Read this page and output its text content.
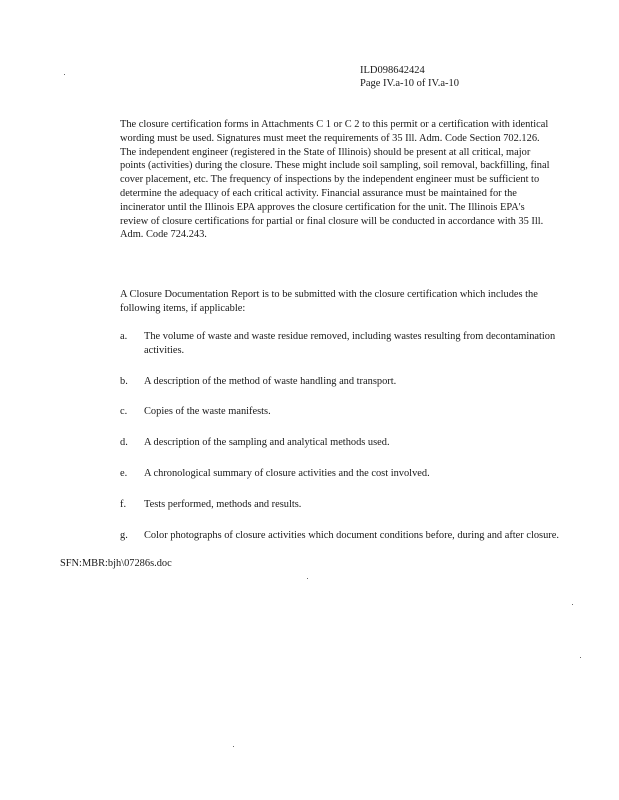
ILD098642424
Page IV.a-10 of IV.a-10

The closure certification forms in Attachments C 1 or C 2 to this permit or a certification with identical wording must be used. Signatures must meet the requirements of 35 Ill. Adm. Code Section 702.126. The independent engineer (registered in the State of Illinois) should be present at all critical, major points (activities) during the closure. These might include soil sampling, soil removal, backfilling, final cover placement, etc. The frequency of inspections by the independent engineer must be sufficient to determine the adequacy of each critical activity. Financial assurance must be maintained for the incinerator until the Illinois EPA approves the closure certification for the unit. The Illinois EPA's review of closure certifications for partial or final closure will be conducted in accordance with 35 Ill. Adm. Code 724.243.

A Closure Documentation Report is to be submitted with the closure certification which includes the following items, if applicable:

a. The volume of waste and waste residue removed, including wastes resulting from decontamination activities.
b. A description of the method of waste handling and transport.
c. Copies of the waste manifests.
d. A description of the sampling and analytical methods used.
e. A chronological summary of closure activities and the cost involved.
f. Tests performed, methods and results.
g. Color photographs of closure activities which document conditions before, during and after closure.
SFN:MBR:bjh\07286s.doc
